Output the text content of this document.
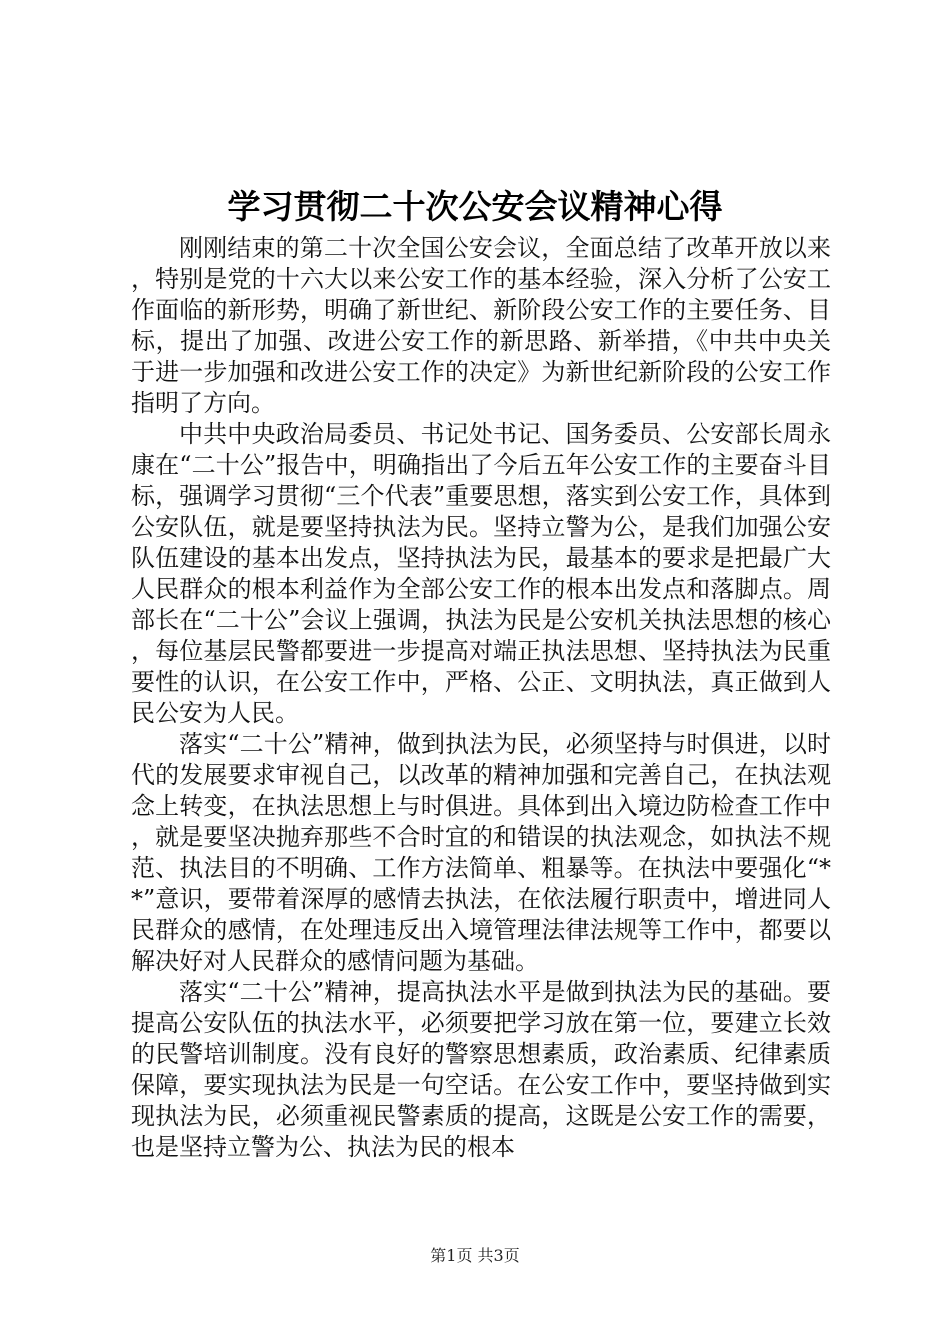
学习贯彻二十次公安会议精神心得

刚刚结束的第二十次全国公安会议，全面总结了改革开放以来，特别是党的十六大以来公安工作的基本经验，深入分析了公安工作面临的新形势，明确了新世纪、新阶段公安工作的主要任务、目标，提出了加强、改进公安工作的新思路、新举措，《中共中央关于进一步加强和改进公安工作的决定》为新世纪新阶段的公安工作指明了方向。

中共中央政治局委员、书记处书记、国务委员、公安部长周永康在“二十公”报告中，明确指出了今后五年公安工作的主要奋斗目标，强调学习贯彻“三个代表”重要思想，落实到公安工作，具体到公安队伍，就是要坚持执法为民。坚持立警为公，是我们加强公安队伍建设的基本出发点，坚持执法为民，最基本的要求是把最广大人民群众的根本利益作为全部公安工作的根本出发点和落脚点。周部长在“二十公”会议上强调，执法为民是公安机关执法思想的核心，每位基层民警都要进一步提高对端正执法思想、坚持执法为民重要性的认识，在公安工作中，严格、公正、文明执法，真正做到人民公安为人民。

落实“二十公”精神，做到执法为民，必须坚持与时俱进，以时代的发展要求审视自己，以改革的精神加强和完善自己，在执法观念上转变，在执法思想上与时俱进。具体到出入境边防检查工作中，就是要坚决抛弃那些不合时宜的和错误的执法观念，如执法不规范、执法目的不明确、工作方法简单、粗暴等。在执法中要强化“**”意识，要带着深厚的感情去执法，在依法履行职责中，增进同人民群众的感情，在处理违反出入境管理法律法规等工作中，都要以解决好对人民群众的感情问题为基础。

落实“二十公”精神，提高执法水平是做到执法为民的基础。要提高公安队伍的执法水平，必须要把学习放在第一位，要建立长效的民警培训制度。没有良好的警察思想素质，政治素质、纪律素质保障，要实现执法为民是一句空话。在公安工作中，要坚持做到实现执法为民，必须重视民警素质的提高，这既是公安工作的需要，也是坚持立警为公、执法为民的根本

第1页 共3页
